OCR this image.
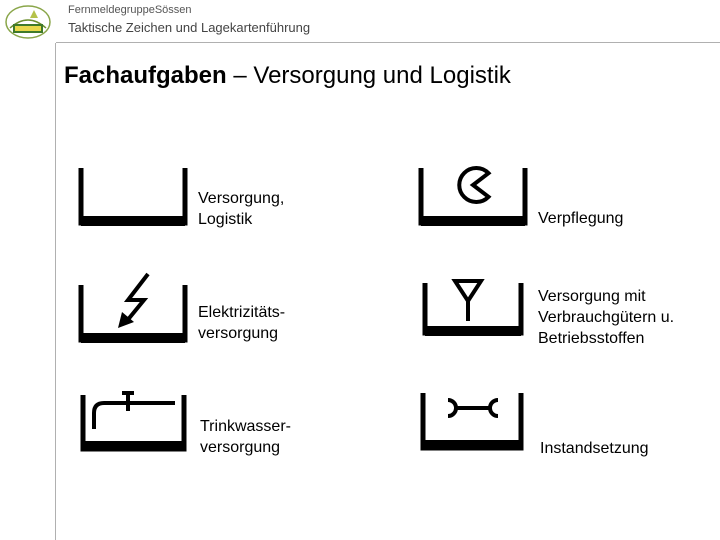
FernmeldegruppeSössen
Taktische Zeichen und Lagekartenführung
Fachaufgaben – Versorgung und Logistik
Versorgung,
Logistik	Verpflegung
Elektrizitäts-
versorgung
Versorgung mit
Verbrauchgütern u.
Betriebsstoffen
Trinkwasser-
versorgung	Instandsetzung
